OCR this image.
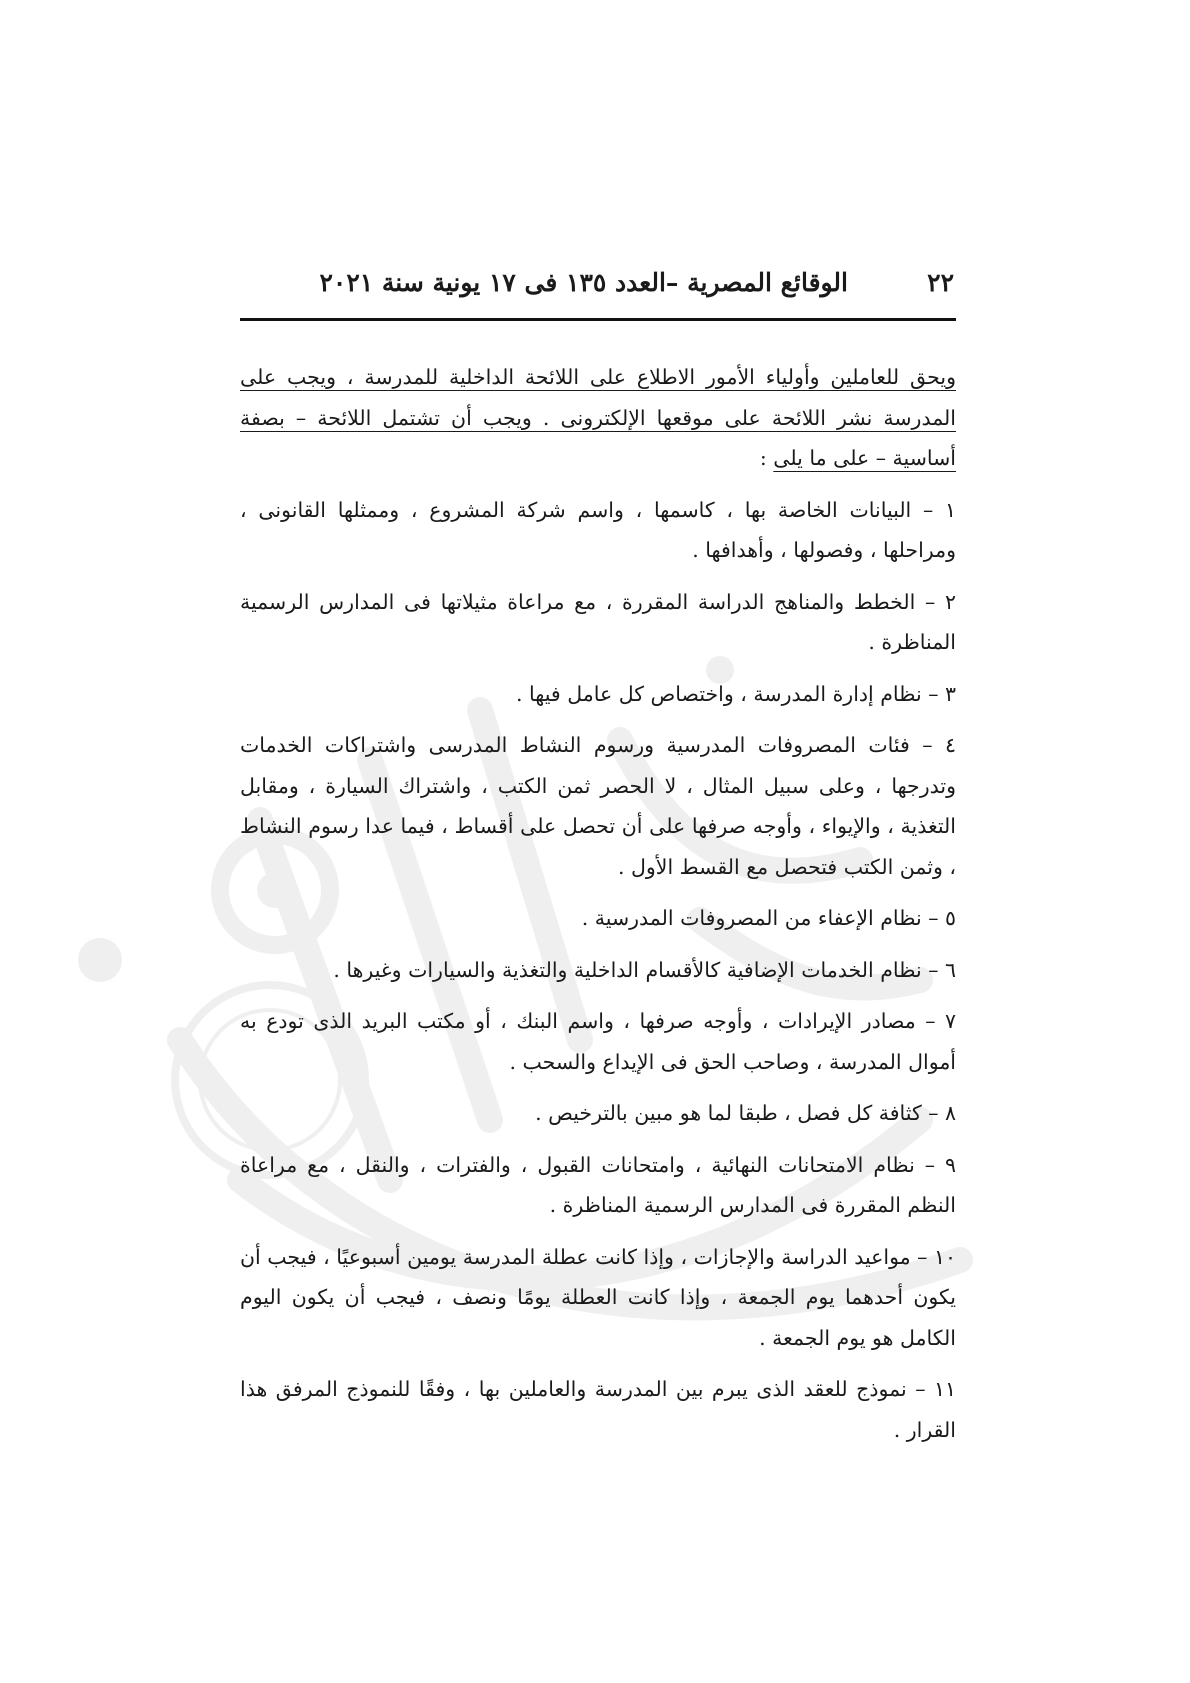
٢٢
الوقائع المصرية –العدد ١٣٥ فى ١٧ يونية سنة ٢٠٢١

ويحق للعاملين وأولياء الأمور الاطلاع على اللائحة الداخلية للمدرسة ، ويجب على المدرسة نشر اللائحة على موقعها الإلكترونى . ويجب أن تشتمل اللائحة – بصفة أساسية – على ما يلى :

١ – البيانات الخاصة بها ، كاسمها ، واسم شركة المشروع ، وممثلها القانونى ، ومراحلها ، وفصولها ، وأهدافها .

٢ – الخطط والمناهج الدراسة المقررة ، مع مراعاة مثيلاتها فى المدارس الرسمية المناظرة .

٣ – نظام إدارة المدرسة ، واختصاص كل عامل فيها .

٤ – فئات المصروفات المدرسية ورسوم النشاط المدرسى واشتراكات الخدمات وتدرجها ، وعلى سبيل المثال ، لا الحصر ثمن الكتب ، واشتراك السيارة ، ومقابل التغذية ، والإيواء ، وأوجه صرفها على أن تحصل على أقساط ، فيما عدا رسوم النشاط ، وثمن الكتب فتحصل مع القسط الأول .

٥ – نظام الإعفاء من المصروفات المدرسية .

٦ – نظام الخدمات الإضافية كالأقسام الداخلية والتغذية والسيارات وغيرها .

٧ – مصادر الإيرادات ، وأوجه صرفها ، واسم البنك ، أو مكتب البريد الذى تودع به أموال المدرسة ، وصاحب الحق فى الإيداع والسحب .

٨ – كثافة كل فصل ، طبقا لما هو مبين بالترخيص .

٩ – نظام الامتحانات النهائية ، وامتحانات القبول ، والفترات ، والنقل ، مع مراعاة النظم المقررة فى المدارس الرسمية المناظرة .

١٠ – مواعيد الدراسة والإجازات ، وإذا كانت عطلة المدرسة يومين أسبوعيًا ، فيجب أن يكون أحدهما يوم الجمعة ، وإذا كانت العطلة يومًا ونصف ، فيجب أن يكون اليوم الكامل هو يوم الجمعة .

١١ – نموذج للعقد الذى يبرم بين المدرسة والعاملين بها ، وفقًا للنموذج المرفق هذا القرار .
